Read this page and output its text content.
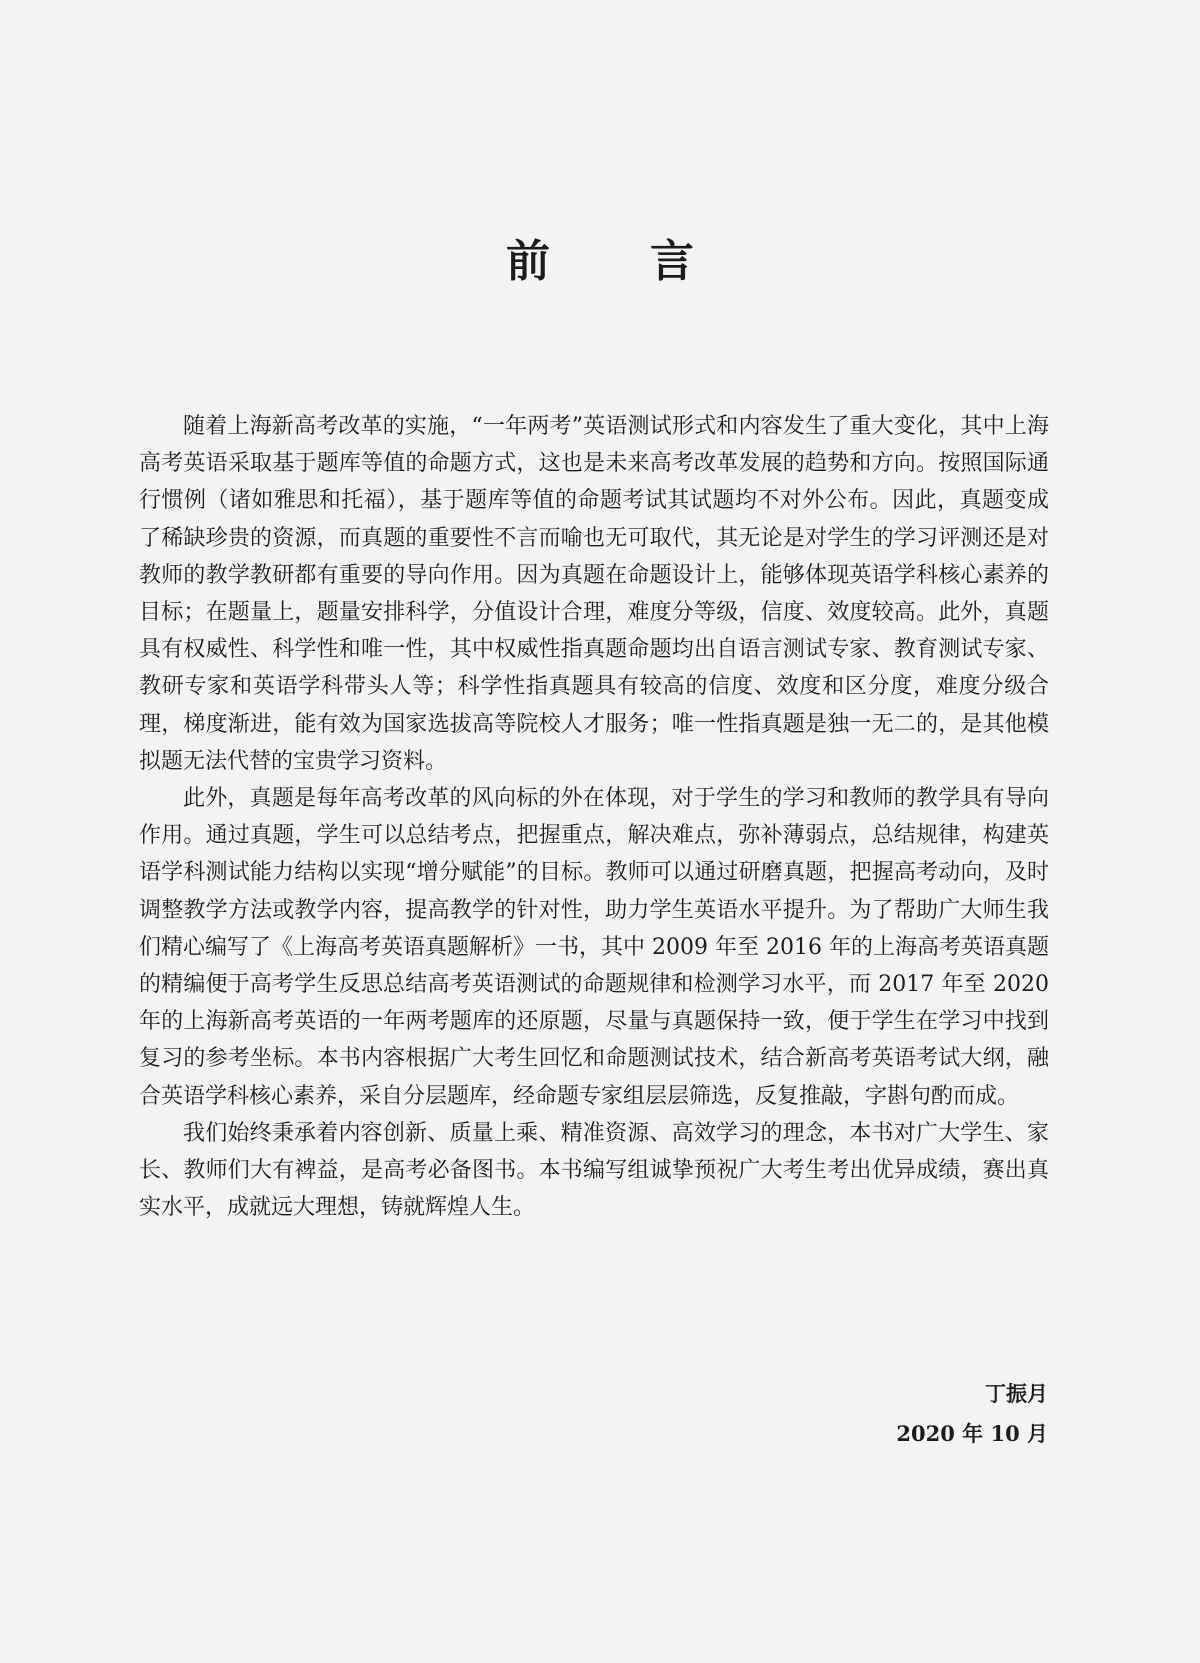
前 言

随着上海新高考改革的实施，“一年两考”英语测试形式和内容发生了重大变化，其中上海高考英语采取基于题库等值的命题方式，这也是未来高考改革发展的趋势和方向。按照国际通行惯例（诸如雅思和托福），基于题库等值的命题考试其试题均不对外公布。因此，真题变成了稀缺珍贵的资源，而真题的重要性不言而喻也无可取代，其无论是对学生的学习评测还是对教师的教学教研都有重要的导向作用。因为真题在命题设计上，能够体现英语学科核心素养的目标；在题量上，题量安排科学，分值设计合理，难度分等级，信度、效度较高。此外，真题具有权威性、科学性和唯一性，其中权威性指真题命题均出自语言测试专家、教育测试专家、教研专家和英语学科带头人等；科学性指真题具有较高的信度、效度和区分度，难度分级合理，梯度渐进，能有效为国家选拔高等院校人才服务；唯一性指真题是独一无二的，是其他模拟题无法代替的宝贵学习资料。

此外，真题是每年高考改革的风向标的外在体现，对于学生的学习和教师的教学具有导向作用。通过真题，学生可以总结考点，把握重点，解决难点，弥补薄弱点，总结规律，构建英语学科测试能力结构以实现“增分赋能”的目标。教师可以通过研磨真题，把握高考动向，及时调整教学方法或教学内容，提高教学的针对性，助力学生英语水平提升。为了帮助广大师生我们精心编写了《上海高考英语真题解析》一书，其中 2009 年至 2016 年的上海高考英语真题的精编便于高考学生反思总结高考英语测试的命题规律和检测学习水平，而 2017 年至 2020 年的上海新高考英语的一年两考题库的还原题，尽量与真题保持一致，便于学生在学习中找到复习的参考坐标。本书内容根据广大考生回忆和命题测试技术，结合新高考英语考试大纲，融合英语学科核心素养，采自分层题库，经命题专家组层层筛选，反复推敲，字斟句酌而成。

我们始终秉承着内容创新、质量上乘、精准资源、高效学习的理念，本书对广大学生、家长、教师们大有裨益，是高考必备图书。本书编写组诚挚预祝广大考生考出优异成绩，赛出真实水平，成就远大理想，铸就辉煌人生。

丁振月
2020 年 10 月
